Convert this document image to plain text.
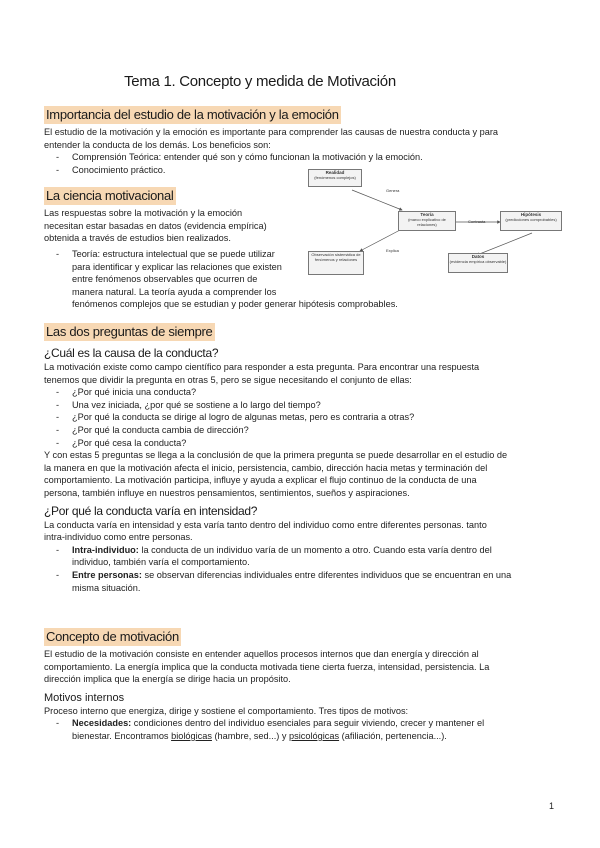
Tema 1. Concepto y medida de Motivación
Importancia del estudio de la motivación y la emoción

El estudio de la motivación y la emoción es importante para comprender las causas de nuestra conducta y para

entender la conducta de los demás. Los beneficios son:

- Comprensión Teórica: entender qué son y cómo funcionan la motivación y la emoción.
- Conocimiento práctico.
La ciencia motivacional

Las respuestas sobre la motivación y la emoción

necesitan estar basadas en datos (evidencia empírica)

obtenida a través de estudios bien realizados.

- Teoría: estructura intelectual que se puede utilizar

para identificar y explicar las relaciones que existen

entre fenómenos observables que ocurren de

manera natural. La teoría ayuda a comprender los

fenómenos complejos que se estudian y poder generar hipótesis comprobables.

Las dos preguntas de siempre
¿Cuál es la causa de la conducta?

La motivación existe como campo científico para responder a esta pregunta. Para encontrar una respuesta

tenemos que dividir la pregunta en otras 5, pero se sigue necesitando el conjunto de ellas:

- ¿Por qué inicia una conducta?
- Una vez iniciada, ¿por qué se sostiene a lo largo del tiempo?
- ¿Por qué la conducta se dirige al logro de algunas metas, pero es contraria a otras?
- ¿Por qué la conducta cambia de dirección?
- ¿Por qué cesa la conducta?

Y con estas 5 preguntas se llega a la conclusión de que la primera pregunta se puede desarrollar en el estudio de

la manera en que la motivación afecta el inicio, persistencia, cambio, dirección hacia metas y terminación del

comportamiento. La motivación participa, influye y ayuda a explicar el flujo continuo de la conducta de una

persona, también influye en nuestros pensamientos, sentimientos, sueños y aspiraciones.

¿Por qué la conducta varía en intensidad?

La conducta varía en intensidad y esta varía tanto dentro del individuo como entre diferentes personas. tanto

intra-individuo como entre personas.

- Intra-individuo: la conducta de un individuo varía de un momento a otro. Cuando esta varía dentro del

individuo, también varía el comportamiento.

- Entre personas: se observan diferencias individuales entre diferentes individuos que se encuentran en una

misma situación.

Concepto de motivación

El estudio de la motivación consiste en entender aquellos procesos internos que dan energía y dirección al

comportamiento. La energía implica que la conducta motivada tiene cierta fuerza, intensidad, persistencia. La

dirección implica que la energía se dirige hacia un propósito.

Motivos internos

Proceso interno que energiza, dirige y sostiene el comportamiento. Tres tipos de motivos:

- Necesidades: condiciones dentro del individuo esenciales para seguir viviendo, crecer y mantener el

bienestar. Encontramos biológicas (hambre, sed...) y psicológicas (afiliación, pertenencia...).

Realidad
(fenómenos complejos)
Genera
Teoría
(marco explicativo de relaciones)
Contrasta
Hipótesis
(predicciones comprobables)
Explica
Observación sistemática de fenómenos y relaciones
Datos
(evidencia empírica observable)
1
